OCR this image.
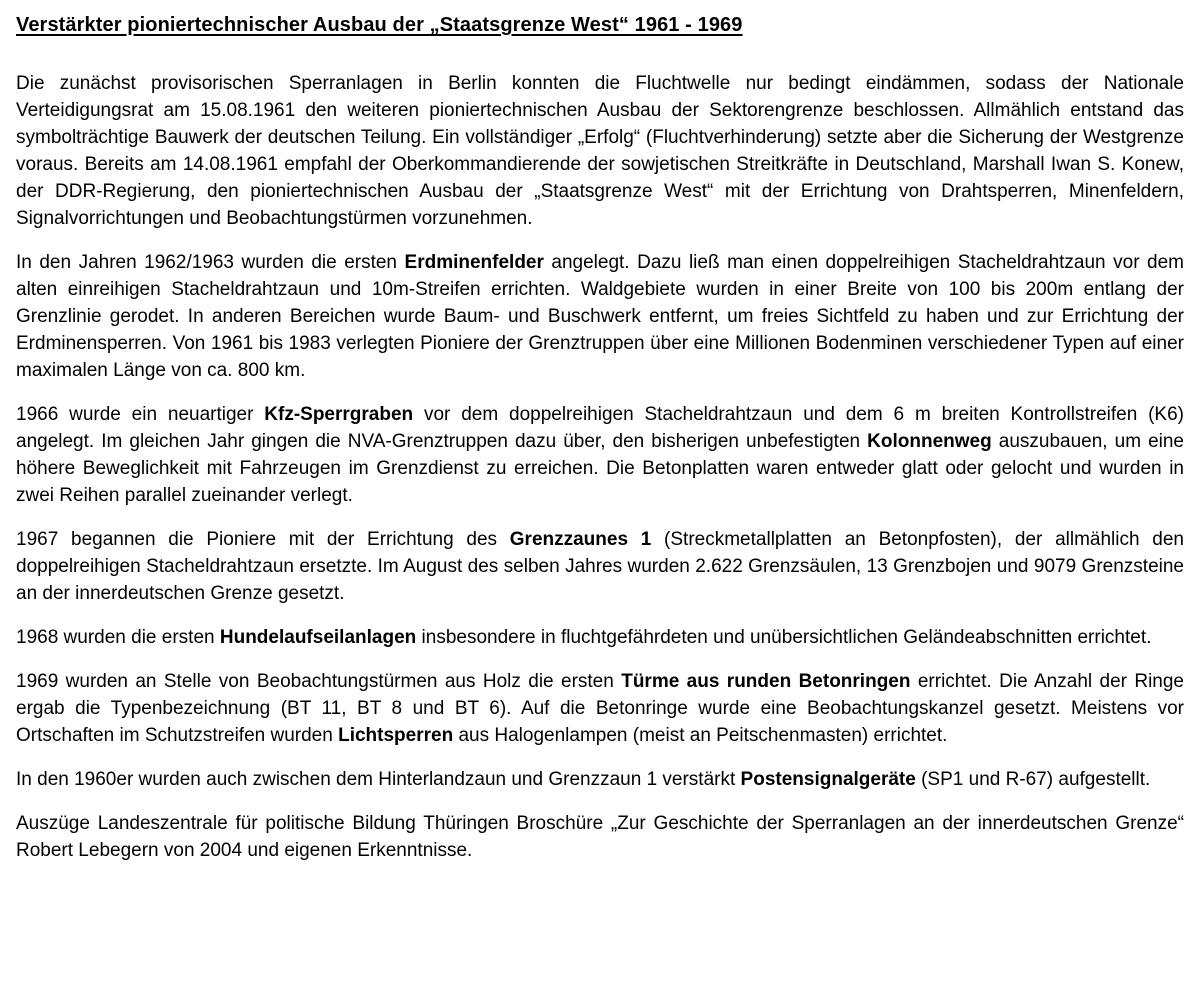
Verstärkter pioniertechnischer Ausbau der „Staatsgrenze West“ 1961 - 1969

Die zunächst provisorischen Sperranlagen in Berlin konnten die Fluchtwelle nur bedingt eindämmen, sodass der Nationale Verteidigungsrat am 15.08.1961 den weiteren pioniertechnischen Ausbau der Sektorengrenze beschlossen. Allmählich entstand das symbolträchtige Bauwerk der deutschen Teilung. Ein vollständiger „Erfolg“ (Fluchtverhinderung) setzte aber die Sicherung der Westgrenze voraus. Bereits am 14.08.1961 empfahl der Oberkommandierende der sowjetischen Streitkräfte in Deutschland, Marshall Iwan S. Konew, der DDR-Regierung, den pioniertechnischen Ausbau der „Staatsgrenze West“ mit der Errichtung von Drahtsperren, Minenfeldern, Signalvorrichtungen und Beobachtungstürmen vorzunehmen.

In den Jahren 1962/1963 wurden die ersten Erdminenfelder angelegt. Dazu ließ man einen doppelreihigen Stacheldrahtzaun vor dem alten einreihigen Stacheldrahtzaun und 10m-Streifen errichten. Waldgebiete wurden in einer Breite von 100 bis 200m entlang der Grenzlinie gerodet. In anderen Bereichen wurde Baum- und Buschwerk entfernt, um freies Sichtfeld zu haben und zur Errichtung der Erdminensperren. Von 1961 bis 1983 verlegten Pioniere der Grenztruppen über eine Millionen Bodenminen verschiedener Typen auf einer maximalen Länge von ca. 800 km.

1966 wurde ein neuartiger Kfz-Sperrgraben vor dem doppelreihigen Stacheldrahtzaun und dem 6 m breiten Kontrollstreifen (K6) angelegt. Im gleichen Jahr gingen die NVA-Grenztruppen dazu über, den bisherigen unbefestigten Kolonnenweg auszubauen, um eine höhere Beweglichkeit mit Fahrzeugen im Grenzdienst zu erreichen. Die Betonplatten waren entweder glatt oder gelocht und wurden in zwei Reihen parallel zueinander verlegt.

1967 begannen die Pioniere mit der Errichtung des Grenzzaunes 1 (Streckmetallplatten an Betonpfosten), der allmählich den doppelreihigen Stacheldrahtzaun ersetzte. Im August des selben Jahres wurden 2.622 Grenzsäulen, 13 Grenzbojen und 9079 Grenzsteine an der innerdeutschen Grenze gesetzt.

1968 wurden die ersten Hundelaufseilanlagen insbesondere in fluchtgefährdeten und unübersichtlichen Geländeabschnitten errichtet.

1969 wurden an Stelle von Beobachtungstürmen aus Holz die ersten Türme aus runden Betonringen errichtet. Die Anzahl der Ringe ergab die Typenbezeichnung (BT 11, BT 8 und BT 6). Auf die Betonringe wurde eine Beobachtungskanzel gesetzt. Meistens vor Ortschaften im Schutzstreifen wurden Lichtsperren aus Halogenlampen (meist an Peitschenmasten) errichtet.

In den 1960er wurden auch zwischen dem Hinterlandzaun und Grenzzaun 1 verstärkt Postensignalgeräte (SP1 und R-67) aufgestellt.

Auszüge Landeszentrale für politische Bildung Thüringen Broschüre „Zur Geschichte der Sperranlagen an der innerdeutschen Grenze“ Robert Lebegern von 2004 und eigenen Erkenntnisse.
